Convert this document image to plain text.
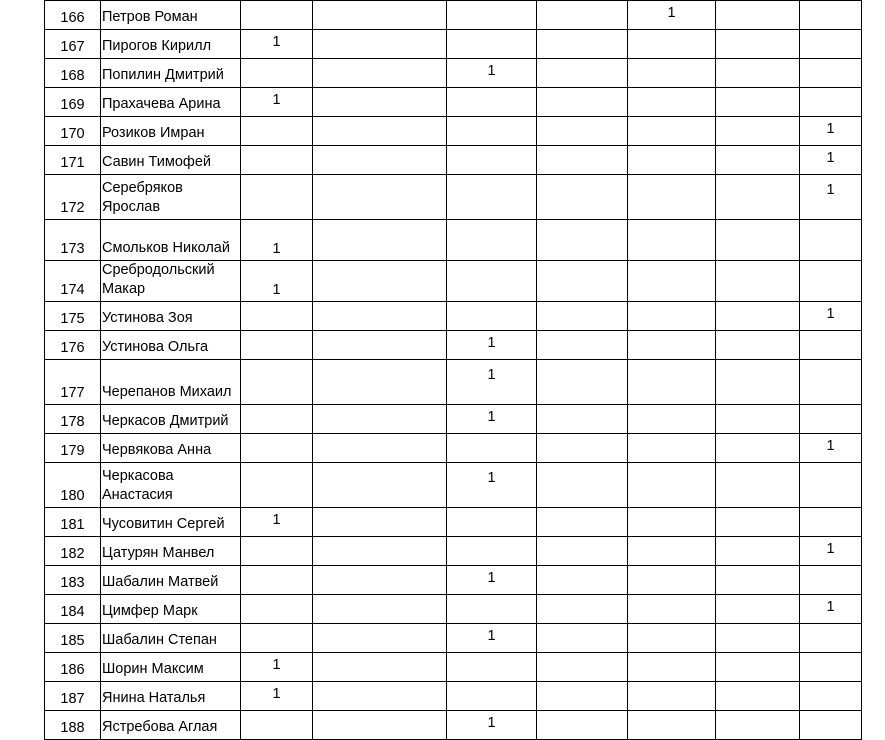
166	Петров Роман					1			
167	Пирогов Кирилл	1							
168	Попилин Дмитрий			1					
169	Прахачева Арина	1							
170	Розиков Имран							1	
171	Савин Тимофей							1	
172	Серебряков Ярослав							1	
173	Смольков Николай	1							
174	Сребродольский Макар	1							
175	Устинова Зоя							1	
176	Устинова Ольга			1					
177	Черепанов Михаил			1					
178	Черкасов Дмитрий			1					
179	Червякова Анна							1	
180	Черкасова Анастасия			1					
181	Чусовитин Сергей	1							
182	Цатурян Манвел							1	
183	Шабалин Матвей			1					
184	Цимфер Марк							1	
185	Шабалин Степан			1					
186	Шорин Максим	1							
187	Янина Наталья	1							
188	Ястребова Аглая			1					
